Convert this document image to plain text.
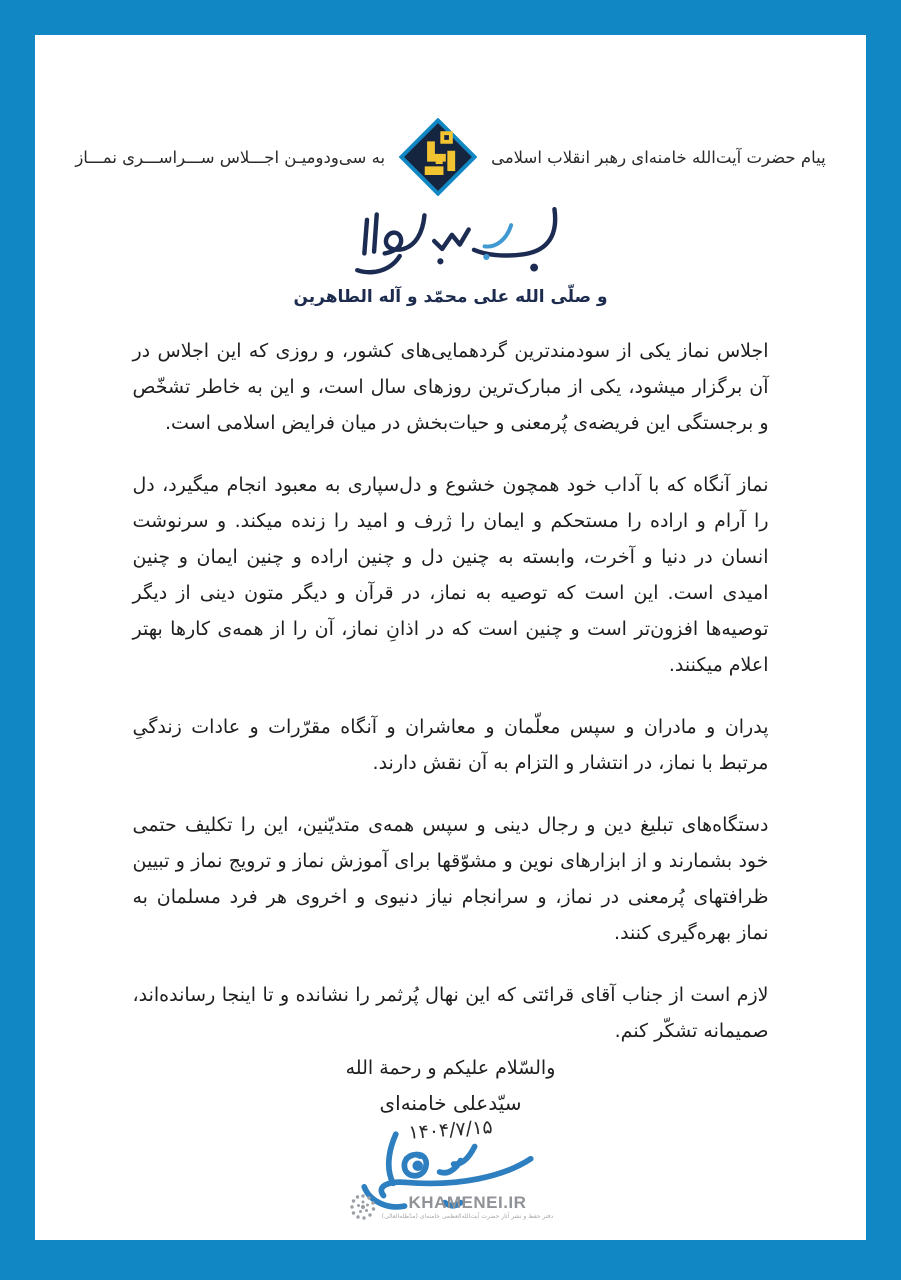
پیام حضرت آیت‌الله خامنه‌ای رهبر انقلاب اسلامی
به سی‌ودومیـن اجـــلاس ســـراســـری نمـــاز
و صلّی الله علی محمّد و آله الطاهرین

اجلاس نماز یکی از سودمندترین گردهمایی‌های کشور، و روزی که این اجلاس در آن برگزار میشود، یکی از مبارک‌ترین روزهای سال است، و این به خاطر تشخّص و برجستگی این فریضه‌ی پُرمعنی و حیات‌بخش در میان فرایض اسلامی است.

نماز آنگاه که با آداب خود همچون خشوع و دل‌سپاری به معبود انجام میگیرد، دل را آرام و اراده را مستحکم و ایمان را ژرف و امید را زنده میکند. و سرنوشت انسان در دنیا و آخرت، وابسته به چنین دل و چنین اراده و چنین ایمان و چنین امیدی است. این است که توصیه به نماز، در قرآن و دیگر متون دینی از دیگر توصیه‌ها افزون‌تر است و چنین است که در اذانِ نماز، آن را از همه‌ی کارها بهتر اعلام میکنند.

پدران و مادران و سپس معلّمان و معاشران و آنگاه مقرّرات و عادات زندگیِ مرتبط با نماز، در انتشار و التزام به آن نقش دارند.

دستگاه‌های تبلیغ دین و رجال دینی و سپس همه‌ی متدیّنین، این را تکلیف حتمی خود بشمارند و از ابزارهای نوین و مشوّقها برای آموزش نماز و ترویج نماز و تبیین ظرافتهای پُرمعنی در نماز، و سرانجام نیاز دنیوی و اخروی هر فرد مسلمان به نماز بهره‌گیری کنند.

لازم است از جناب آقای قرائتی که این نهال پُرثمر را نشانده و تا اینجا رسانده‌اند، صمیمانه تشکّر کنم.

والسّلام علیکم و رحمة الله
سیّدعلی خامنه‌ای
۱۴۰۴/۷/۱۵
KHAMENEI.IR
دفتر حفظ و نشر آثار حضرت آیت‌الله‌العظمی خامنه‌ای (مدّظله‌العالی)
